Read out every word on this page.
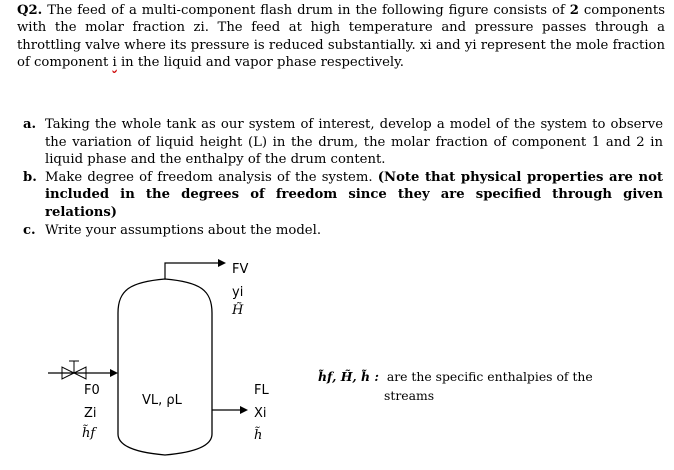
Q2. The feed of a multi-component flash drum in the following figure consists of 2 components with the molar fraction zi. The feed at high temperature and pressure passes through a throttling valve where its pressure is reduced substantially. xi and yi represent the mole fraction of component i in the liquid and vapor phase respectively.
a. Taking the whole tank as our system of interest, develop a model of the system to observe the variation of liquid height (L) in the drum, the molar fraction of component 1 and 2 in liquid phase and the enthalpy of the drum content.
b. Make degree of freedom analysis of the system. (Note that physical properties are not included in the degrees of freedom since they are specified through given relations)
c. Write your assumptions about the model.
FV
yi
H̃
F0
Zi
h̃f
VL, ρL
FL
Xi
h̃
h̃f, H̃, h̃ : are the specific enthalpies of the
streams
